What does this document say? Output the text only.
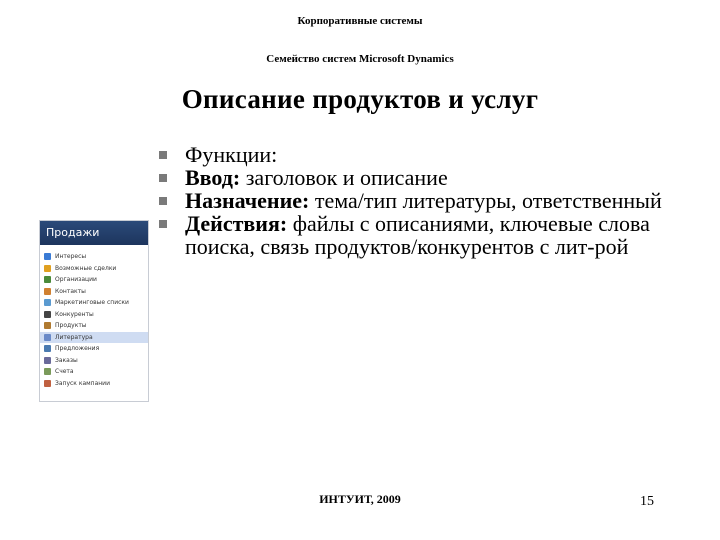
Корпоративные системы
Семейство систем Microsoft Dynamics
Описание продуктов и услуг
Функции:
Ввод: заголовок и описание
Назначение: тема/тип литературы, ответственный
Действия: файлы с описаниями, ключевые слова поиска, связь продуктов/конкурентов с лит-рой
Продажи
Интересы
Возможные сделки
Организации
Контакты
Маркетинговые списки
Конкуренты
Продукты
Литература
Предложения
Заказы
Счета
Запуск кампании
ИНТУИТ, 2009	15
